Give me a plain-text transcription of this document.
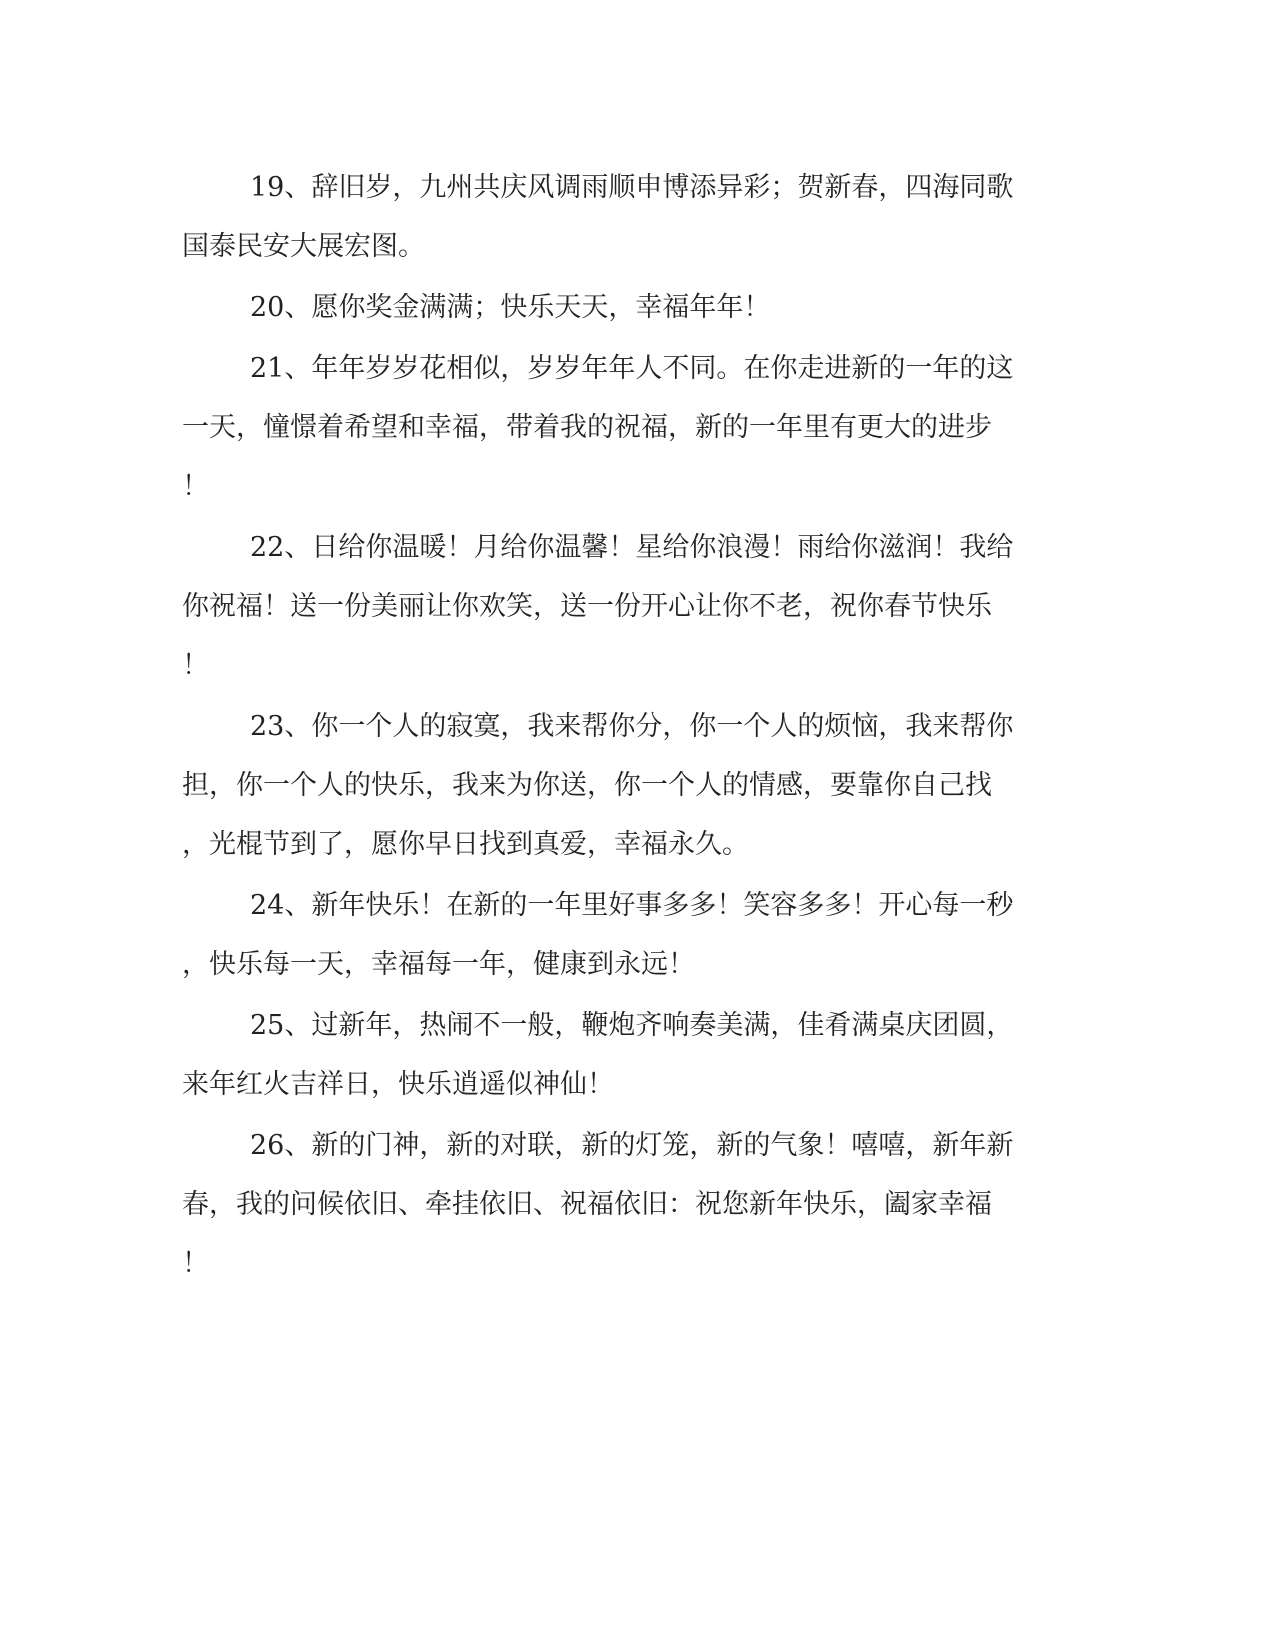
19、辞旧岁，九州共庆风调雨顺申博添异彩；贺新春，四海同歌
国泰民安大展宏图。
20、愿你奖金满满；快乐天天，幸福年年！
21、年年岁岁花相似，岁岁年年人不同。在你走进新的一年的这
一天，憧憬着希望和幸福，带着我的祝福，新的一年里有更大的进步
！
22、日给你温暖！月给你温馨！星给你浪漫！雨给你滋润！我给
你祝福！送一份美丽让你欢笑，送一份开心让你不老，祝你春节快乐
！
23、你一个人的寂寞，我来帮你分，你一个人的烦恼，我来帮你
担，你一个人的快乐，我来为你送，你一个人的情感，要靠你自己找
，光棍节到了，愿你早日找到真爱，幸福永久。
24、新年快乐！在新的一年里好事多多！笑容多多！开心每一秒
，快乐每一天，幸福每一年，健康到永远！
25、过新年，热闹不一般，鞭炮齐响奏美满，佳肴满桌庆团圆，
来年红火吉祥日，快乐逍遥似神仙！
26、新的门神，新的对联，新的灯笼，新的气象！嘻嘻，新年新
春，我的问候依旧、牵挂依旧、祝福依旧：祝您新年快乐，阖家幸福
！
